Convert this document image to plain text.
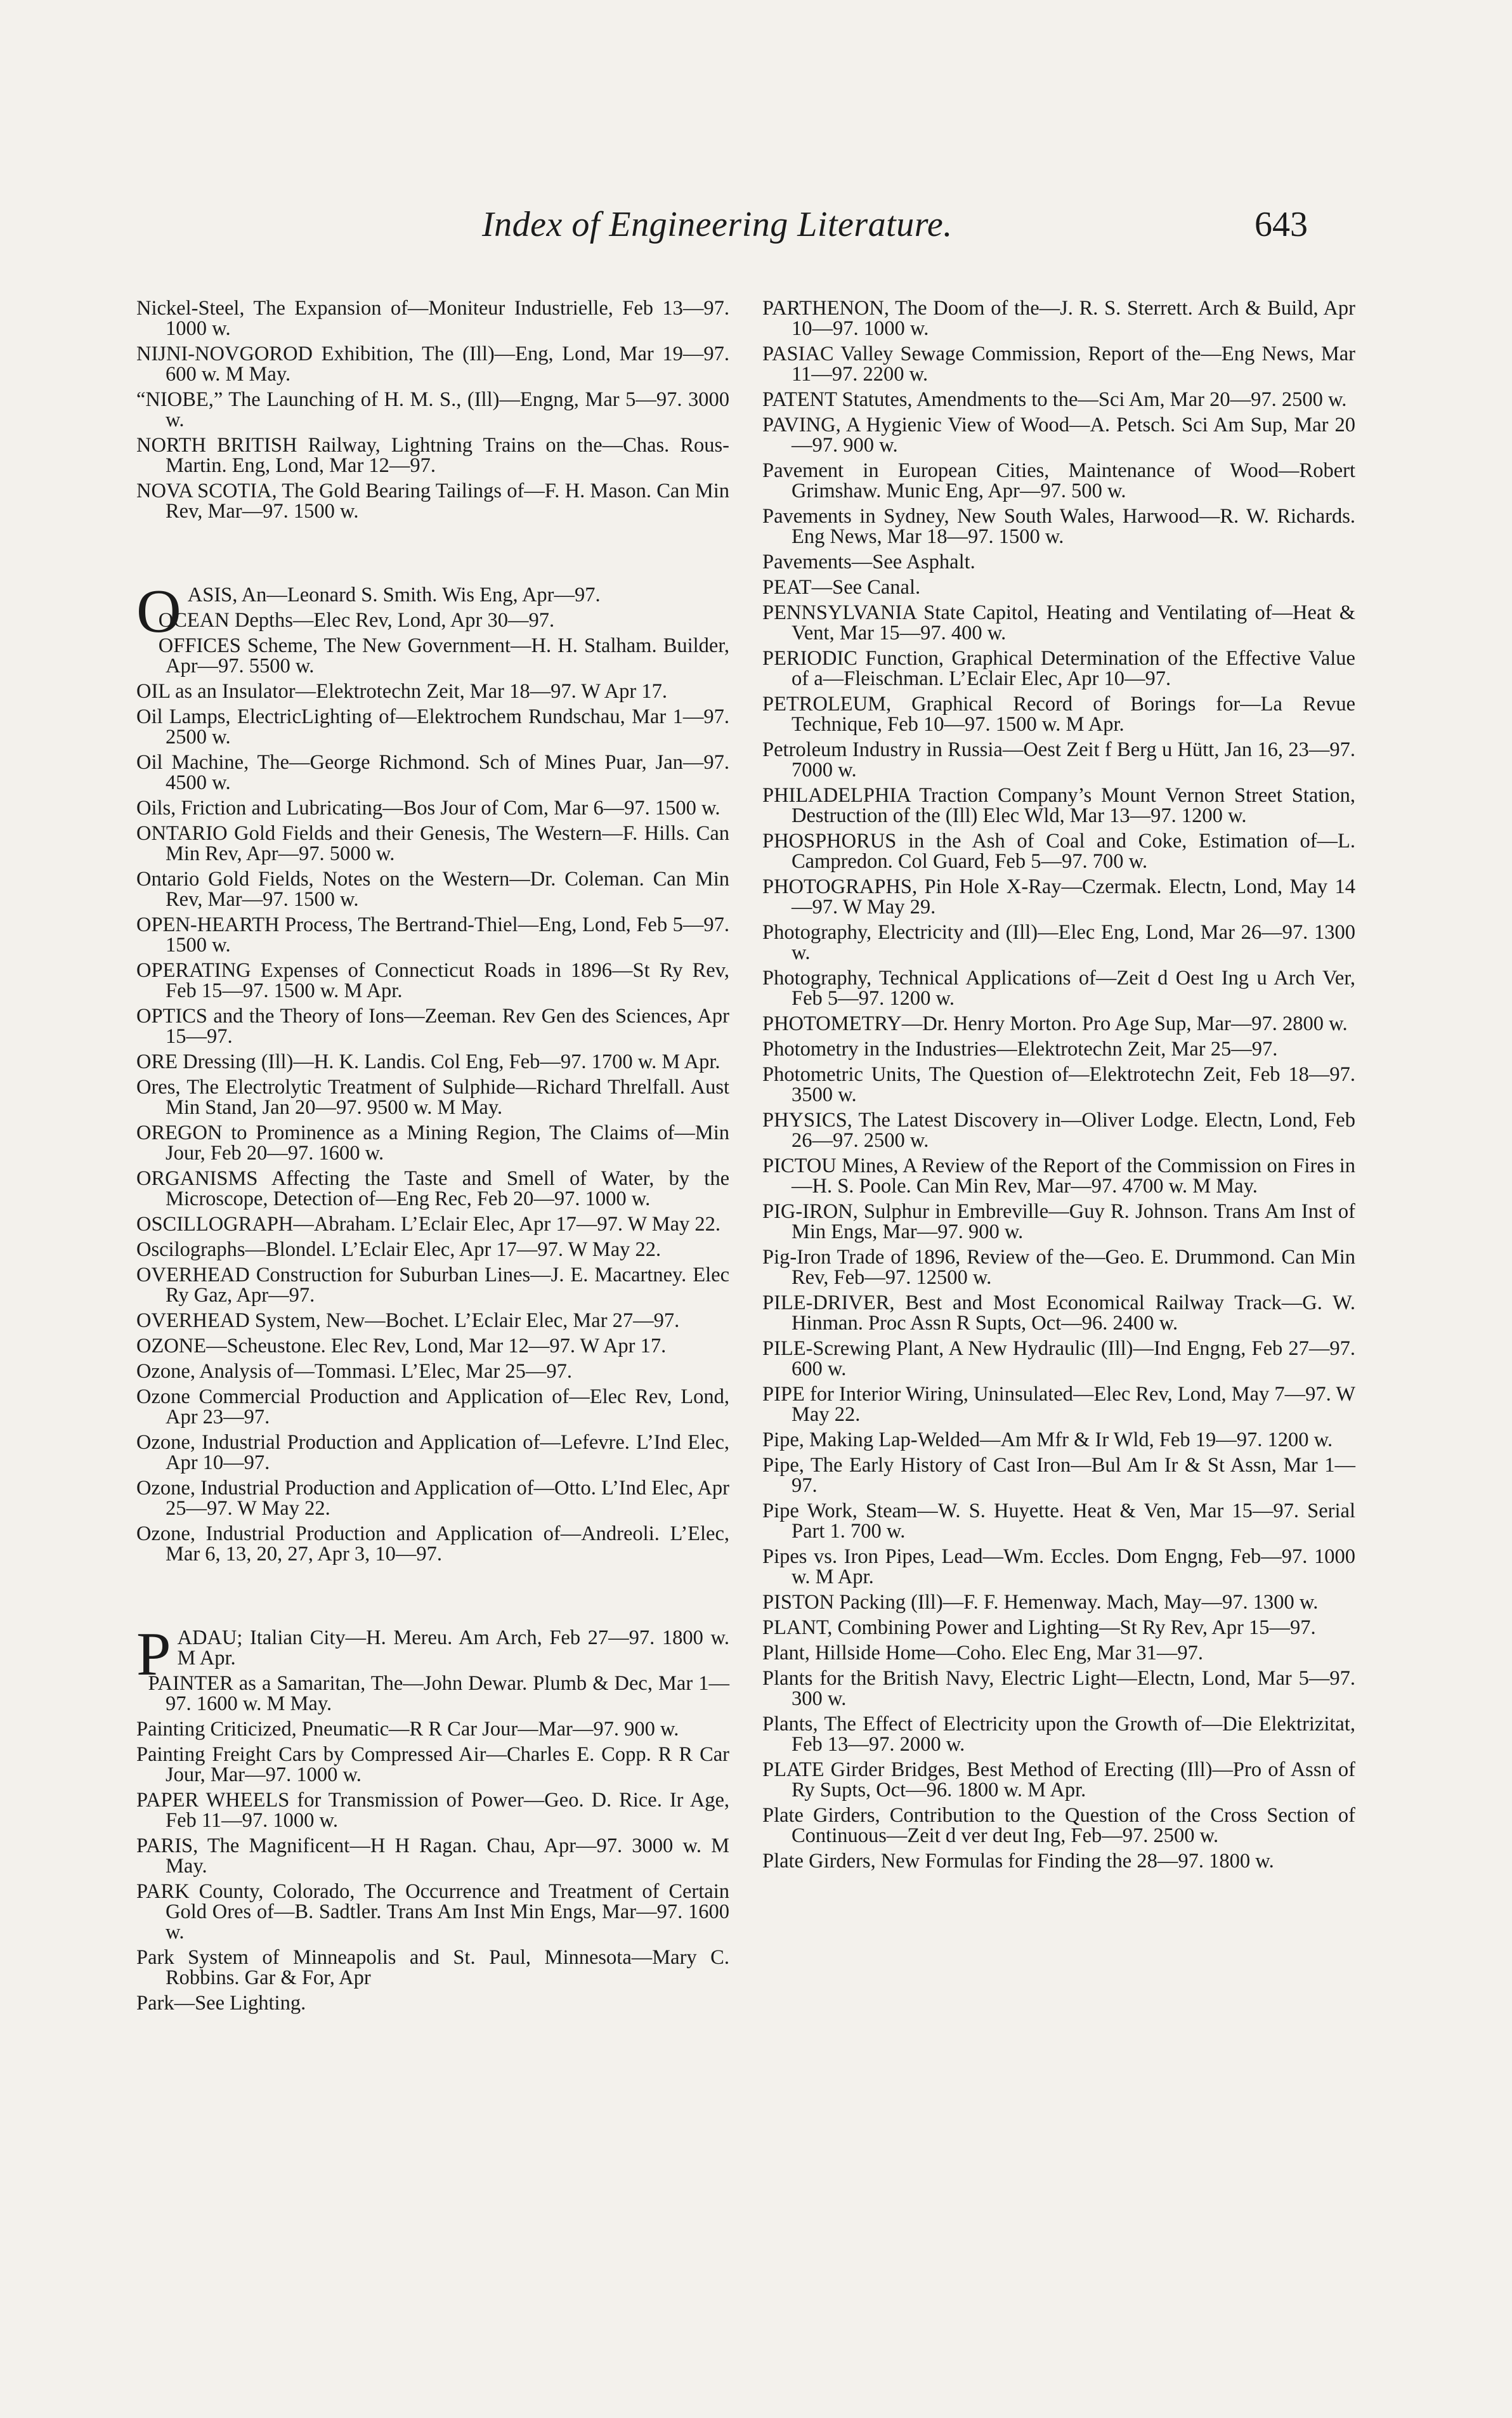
Index of Engineering Literature.	643
Nickel-Steel, The Expansion of—Moniteur Industrielle, Feb 13—97. 1000 w.
NIJNI-NOVGOROD Exhibition, The (Ill)—Eng, Lond, Mar 19—97. 600 w. M May.
“NIOBE,” The Launching of H. M. S., (Ill)—Engng, Mar 5—97. 3000 w.
NORTH BRITISH Railway, Lightning Trains on the—Chas. Rous-Martin. Eng, Lond, Mar 12—97.
NOVA SCOTIA, The Gold Bearing Tailings of—F. H. Mason. Can Min Rev, Mar—97. 1500 w.
O ASIS, An—Leonard S. Smith. Wis Eng, Apr—97.
OCEAN Depths—Elec Rev, Lond, Apr 30—97.
OFFICES Scheme, The New Government—H. H. Stalham. Builder, Apr—97. 5500 w.
OIL as an Insulator—Elektrotechn Zeit, Mar 18—97. W Apr 17.
Oil Lamps, ElectricLighting of—Elektrochem Rundschau, Mar 1—97. 2500 w.
Oil Machine, The—George Richmond. Sch of Mines Puar, Jan—97. 4500 w.
Oils, Friction and Lubricating—Bos Jour of Com, Mar 6—97. 1500 w.
ONTARIO Gold Fields and their Genesis, The Western—F. Hills. Can Min Rev, Apr—97. 5000 w.
Ontario Gold Fields, Notes on the Western—Dr. Coleman. Can Min Rev, Mar—97. 1500 w.
OPEN-HEARTH Process, The Bertrand-Thiel—Eng, Lond, Feb 5—97. 1500 w.
OPERATING Expenses of Connecticut Roads in 1896—St Ry Rev, Feb 15—97. 1500 w. M Apr.
OPTICS and the Theory of Ions—Zeeman. Rev Gen des Sciences, Apr 15—97.
ORE Dressing (Ill)—H. K. Landis. Col Eng, Feb—97. 1700 w. M Apr.
Ores, The Electrolytic Treatment of Sulphide—Richard Threlfall. Aust Min Stand, Jan 20—97. 9500 w. M May.
OREGON to Prominence as a Mining Region, The Claims of—Min Jour, Feb 20—97. 1600 w.
ORGANISMS Affecting the Taste and Smell of Water, by the Microscope, Detection of—Eng Rec, Feb 20—97. 1000 w.
OSCILLOGRAPH—Abraham. L’Eclair Elec, Apr 17—97. W May 22.
Oscilographs—Blondel. L’Eclair Elec, Apr 17—97. W May 22.
OVERHEAD Construction for Suburban Lines—J. E. Macartney. Elec Ry Gaz, Apr—97.
OVERHEAD System, New—Bochet. L’Eclair Elec, Mar 27—97.
OZONE—Scheustone. Elec Rev, Lond, Mar 12—97. W Apr 17.
Ozone, Analysis of—Tommasi. L’Elec, Mar 25—97.
Ozone Commercial Production and Application of—Elec Rev, Lond, Apr 23—97.
Ozone, Industrial Production and Application of—Lefevre. L’Ind Elec, Apr 10—97.
Ozone, Industrial Production and Application of—Otto. L’Ind Elec, Apr 25—97. W May 22.
Ozone, Industrial Production and Application of—Andreoli. L’Elec, Mar 6, 13, 20, 27, Apr 3, 10—97.
P ADAU; Italian City—H. Mereu. Am Arch, Feb 27—97. 1800 w. M Apr.
PAINTER as a Samaritan, The—John Dewar. Plumb & Dec, Mar 1—97. 1600 w. M May.
Painting Criticized, Pneumatic—R R Car Jour—Mar—97. 900 w.
Painting Freight Cars by Compressed Air—Charles E. Copp. R R Car Jour, Mar—97. 1000 w.
PAPER WHEELS for Transmission of Power—Geo. D. Rice. Ir Age, Feb 11—97. 1000 w.
PARIS, The Magnificent—H H Ragan. Chau, Apr—97. 3000 w. M May.
PARK County, Colorado, The Occurrence and Treatment of Certain Gold Ores of—B. Sadtler. Trans Am Inst Min Engs, Mar—97. 1600 w.
Park System of Minneapolis and St. Paul, Minnesota—Mary C. Robbins. Gar & For, Apr
Park—See Lighting.
PARTHENON, The Doom of the—J. R. S. Sterrett. Arch & Build, Apr 10—97. 1000 w.
PASIAC Valley Sewage Commission, Report of the—Eng News, Mar 11—97. 2200 w.
PATENT Statutes, Amendments to the—Sci Am, Mar 20—97. 2500 w.
PAVING, A Hygienic View of Wood—A. Petsch. Sci Am Sup, Mar 20—97. 900 w.
Pavement in European Cities, Maintenance of Wood—Robert Grimshaw. Munic Eng, Apr—97. 500 w.
Pavements in Sydney, New South Wales, Harwood—R. W. Richards. Eng News, Mar 18—97. 1500 w.
Pavements—See Asphalt.
PEAT—See Canal.
PENNSYLVANIA State Capitol, Heating and Ventilating of—Heat & Vent, Mar 15—97. 400 w.
PERIODIC Function, Graphical Determination of the Effective Value of a—Fleischman. L’Eclair Elec, Apr 10—97.
PETROLEUM, Graphical Record of Borings for—La Revue Technique, Feb 10—97. 1500 w. M Apr.
Petroleum Industry in Russia—Oest Zeit f Berg u Hütt, Jan 16, 23—97. 7000 w.
PHILADELPHIA Traction Company’s Mount Vernon Street Station, Destruction of the (Ill) Elec Wld, Mar 13—97. 1200 w.
PHOSPHORUS in the Ash of Coal and Coke, Estimation of—L. Campredon. Col Guard, Feb 5—97. 700 w.
PHOTOGRAPHS, Pin Hole X-Ray—Czermak. Electn, Lond, May 14—97. W May 29.
Photography, Electricity and (Ill)—Elec Eng, Lond, Mar 26—97. 1300 w.
Photography, Technical Applications of—Zeit d Oest Ing u Arch Ver, Feb 5—97. 1200 w.
PHOTOMETRY—Dr. Henry Morton. Pro Age Sup, Mar—97. 2800 w.
Photometry in the Industries—Elektrotechn Zeit, Mar 25—97.
Photometric Units, The Question of—Elektrotechn Zeit, Feb 18—97. 3500 w.
PHYSICS, The Latest Discovery in—Oliver Lodge. Electn, Lond, Feb 26—97. 2500 w.
PICTOU Mines, A Review of the Report of the Commission on Fires in—H. S. Poole. Can Min Rev, Mar—97. 4700 w. M May.
PIG-IRON, Sulphur in Embreville—Guy R. Johnson. Trans Am Inst of Min Engs, Mar—97. 900 w.
Pig-Iron Trade of 1896, Review of the—Geo. E. Drummond. Can Min Rev, Feb—97. 12500 w.
PILE-DRIVER, Best and Most Economical Railway Track—G. W. Hinman. Proc Assn R Supts, Oct—96. 2400 w.
PILE-Screwing Plant, A New Hydraulic (Ill)—Ind Engng, Feb 27—97. 600 w.
PIPE for Interior Wiring, Uninsulated—Elec Rev, Lond, May 7—97. W May 22.
Pipe, Making Lap-Welded—Am Mfr & Ir Wld, Feb 19—97. 1200 w.
Pipe, The Early History of Cast Iron—Bul Am Ir & St Assn, Mar 1—97.
Pipe Work, Steam—W. S. Huyette. Heat & Ven, Mar 15—97. Serial Part 1. 700 w.
Pipes vs. Iron Pipes, Lead—Wm. Eccles. Dom Engng, Feb—97. 1000 w. M Apr.
PISTON Packing (Ill)—F. F. Hemenway. Mach, May—97. 1300 w.
PLANT, Combining Power and Lighting—St Ry Rev, Apr 15—97.
Plant, Hillside Home—Coho. Elec Eng, Mar 31—97.
Plants for the British Navy, Electric Light—Electn, Lond, Mar 5—97. 300 w.
Plants, The Effect of Electricity upon the Growth of—Die Elektrizitat, Feb 13—97. 2000 w.
PLATE Girder Bridges, Best Method of Erecting (Ill)—Pro of Assn of Ry Supts, Oct—96. 1800 w. M Apr.
Plate Girders, Contribution to the Question of the Cross Section of Continuous—Zeit d ver deut Ing, Feb—97. 2500 w.
Plate Girders, New Formulas for Finding the 28—97. 1800 w.
